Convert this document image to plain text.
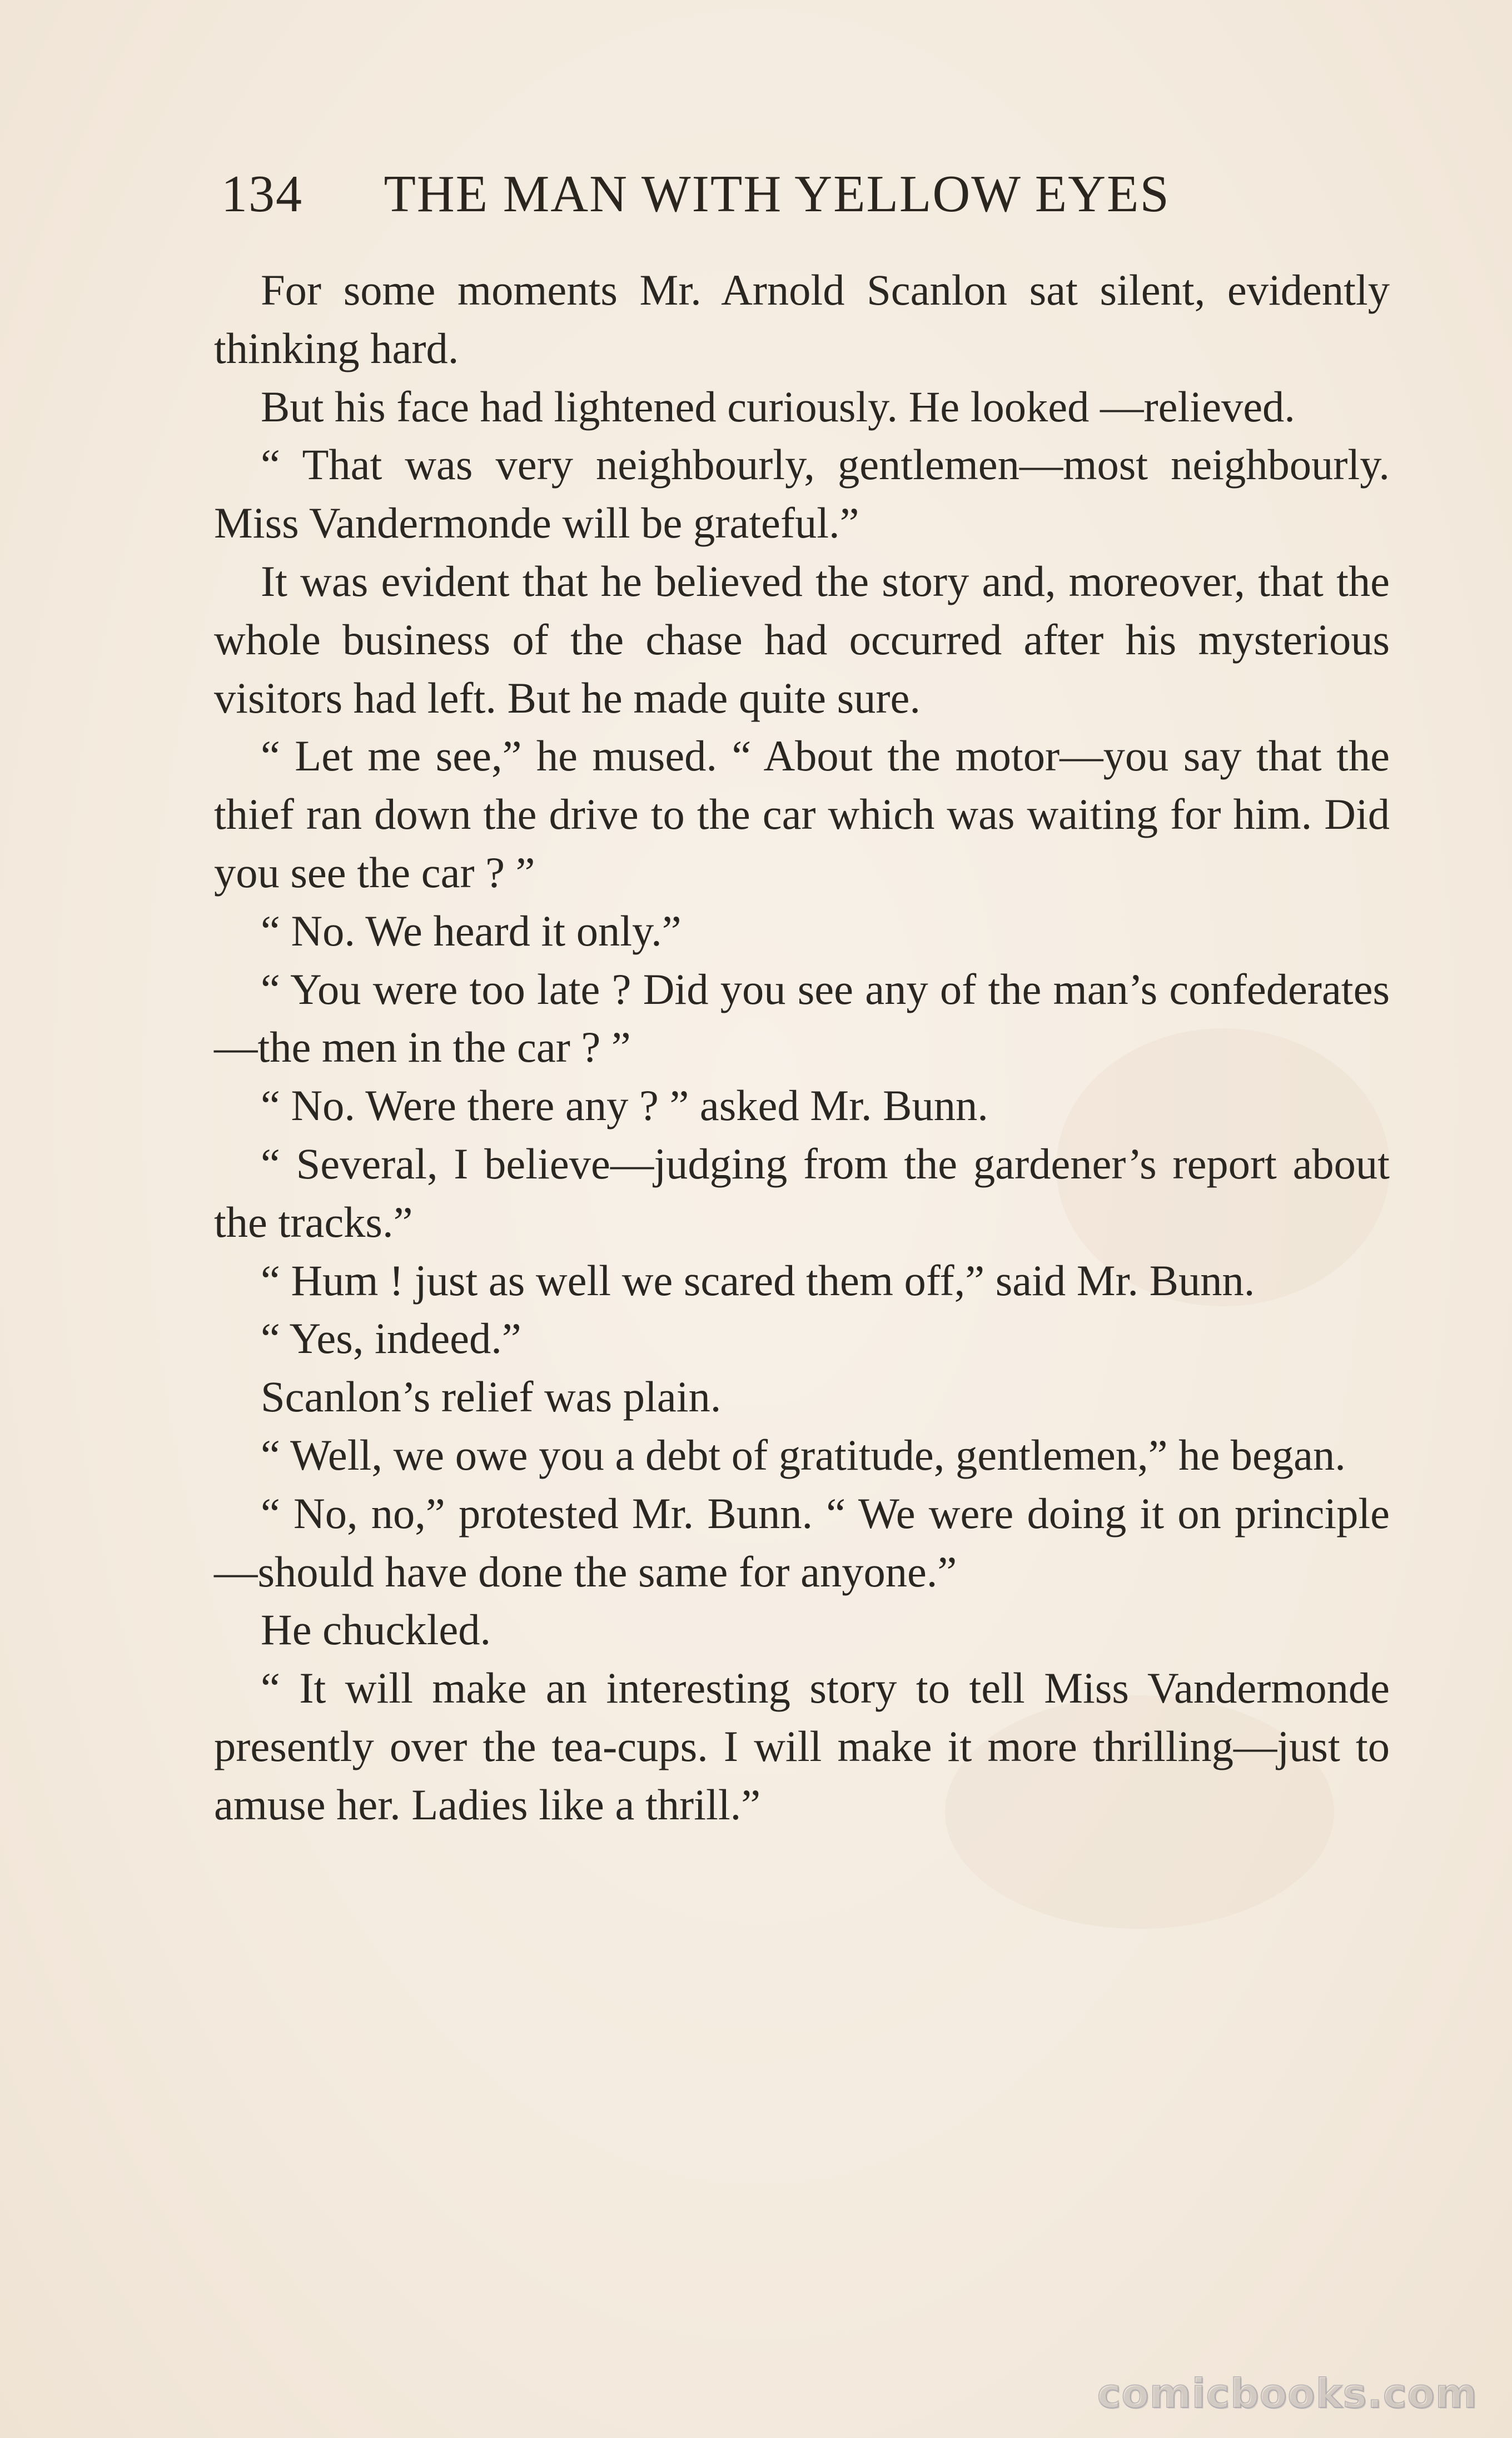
134 THE MAN WITH YELLOW EYES

For some moments Mr. Arnold Scanlon sat silent, evidently thinking hard.

But his face had lightened curiously. He looked —relieved.

“ That was very neighbourly, gentlemen—most neighbourly. Miss Vandermonde will be grateful.”

It was evident that he believed the story and, moreover, that the whole business of the chase had occurred after his mysterious visitors had left. But he made quite sure.

“ Let me see,” he mused. “ About the motor—you say that the thief ran down the drive to the car which was waiting for him. Did you see the car ? ”

“ No. We heard it only.”

“ You were too late ? Did you see any of the man’s confederates—the men in the car ? ”

“ No. Were there any ? ” asked Mr. Bunn.

“ Several, I believe—judging from the gardener’s report about the tracks.”

“ Hum ! just as well we scared them off,” said Mr. Bunn.

“ Yes, indeed.”

Scanlon’s relief was plain.

“ Well, we owe you a debt of gratitude, gentlemen,” he began.

“ No, no,” protested Mr. Bunn. “ We were doing it on principle—should have done the same for anyone.”

He chuckled.

“ It will make an interesting story to tell Miss Vandermonde presently over the tea-cups. I will make it more thrilling—just to amuse her. Ladies like a thrill.”

comicbooks.com
